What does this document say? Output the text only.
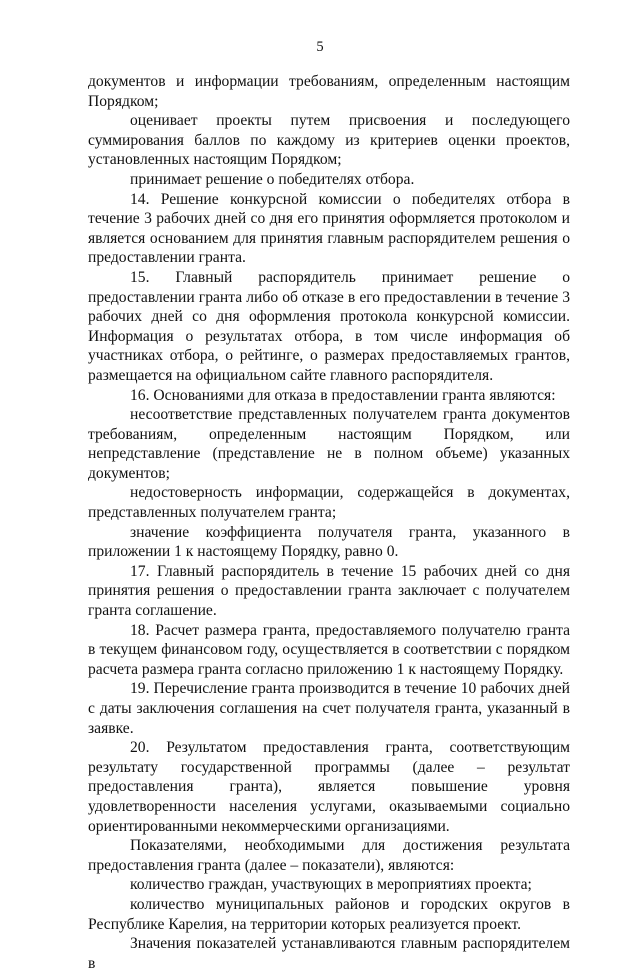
5

документов и информации требованиям, определенным настоящим Порядком;

оценивает проекты путем присвоения и последующего суммирования баллов по каждому из критериев оценки проектов, установленных настоящим Порядком;

принимает решение о победителях отбора.

14. Решение конкурсной комиссии о победителях отбора в течение 3 рабочих дней со дня его принятия оформляется протоколом и является основанием для принятия главным распорядителем решения о предоставлении гранта.

15. Главный распорядитель принимает решение о предоставлении гранта либо об отказе в его предоставлении в течение 3 рабочих дней со дня оформления протокола конкурсной комиссии. Информация о результатах отбора, в том числе информация об участниках отбора, о рейтинге, о размерах предоставляемых грантов, размещается на официальном сайте главного распорядителя.

16. Основаниями для отказа в предоставлении гранта являются:

несоответствие представленных получателем гранта документов требованиям, определенным настоящим Порядком, или непредставление (представление не в полном объеме) указанных документов;

недостоверность информации, содержащейся в документах, представленных получателем гранта;

значение коэффициента получателя гранта, указанного в приложении 1 к настоящему Порядку, равно 0.

17. Главный распорядитель в течение 15 рабочих дней со дня принятия решения о предоставлении гранта заключает с получателем гранта соглашение.

18. Расчет размера гранта, предоставляемого получателю гранта в текущем финансовом году, осуществляется в соответствии с порядком расчета размера гранта согласно приложению 1 к настоящему Порядку.

19. Перечисление гранта производится в течение 10 рабочих дней с даты заключения соглашения на счет получателя гранта, указанный в заявке.

20. Результатом предоставления гранта, соответствующим результату государственной программы (далее – результат предоставления гранта), является повышение уровня удовлетворенности населения услугами, оказываемыми социально ориентированными некоммерческими организациями.

Показателями, необходимыми для достижения результата предоставления гранта (далее – показатели), являются:

количество граждан, участвующих в мероприятиях проекта;

количество муниципальных районов и городских округов в Республике Карелия, на территории которых реализуется проект.

Значения показателей устанавливаются главным распорядителем в
